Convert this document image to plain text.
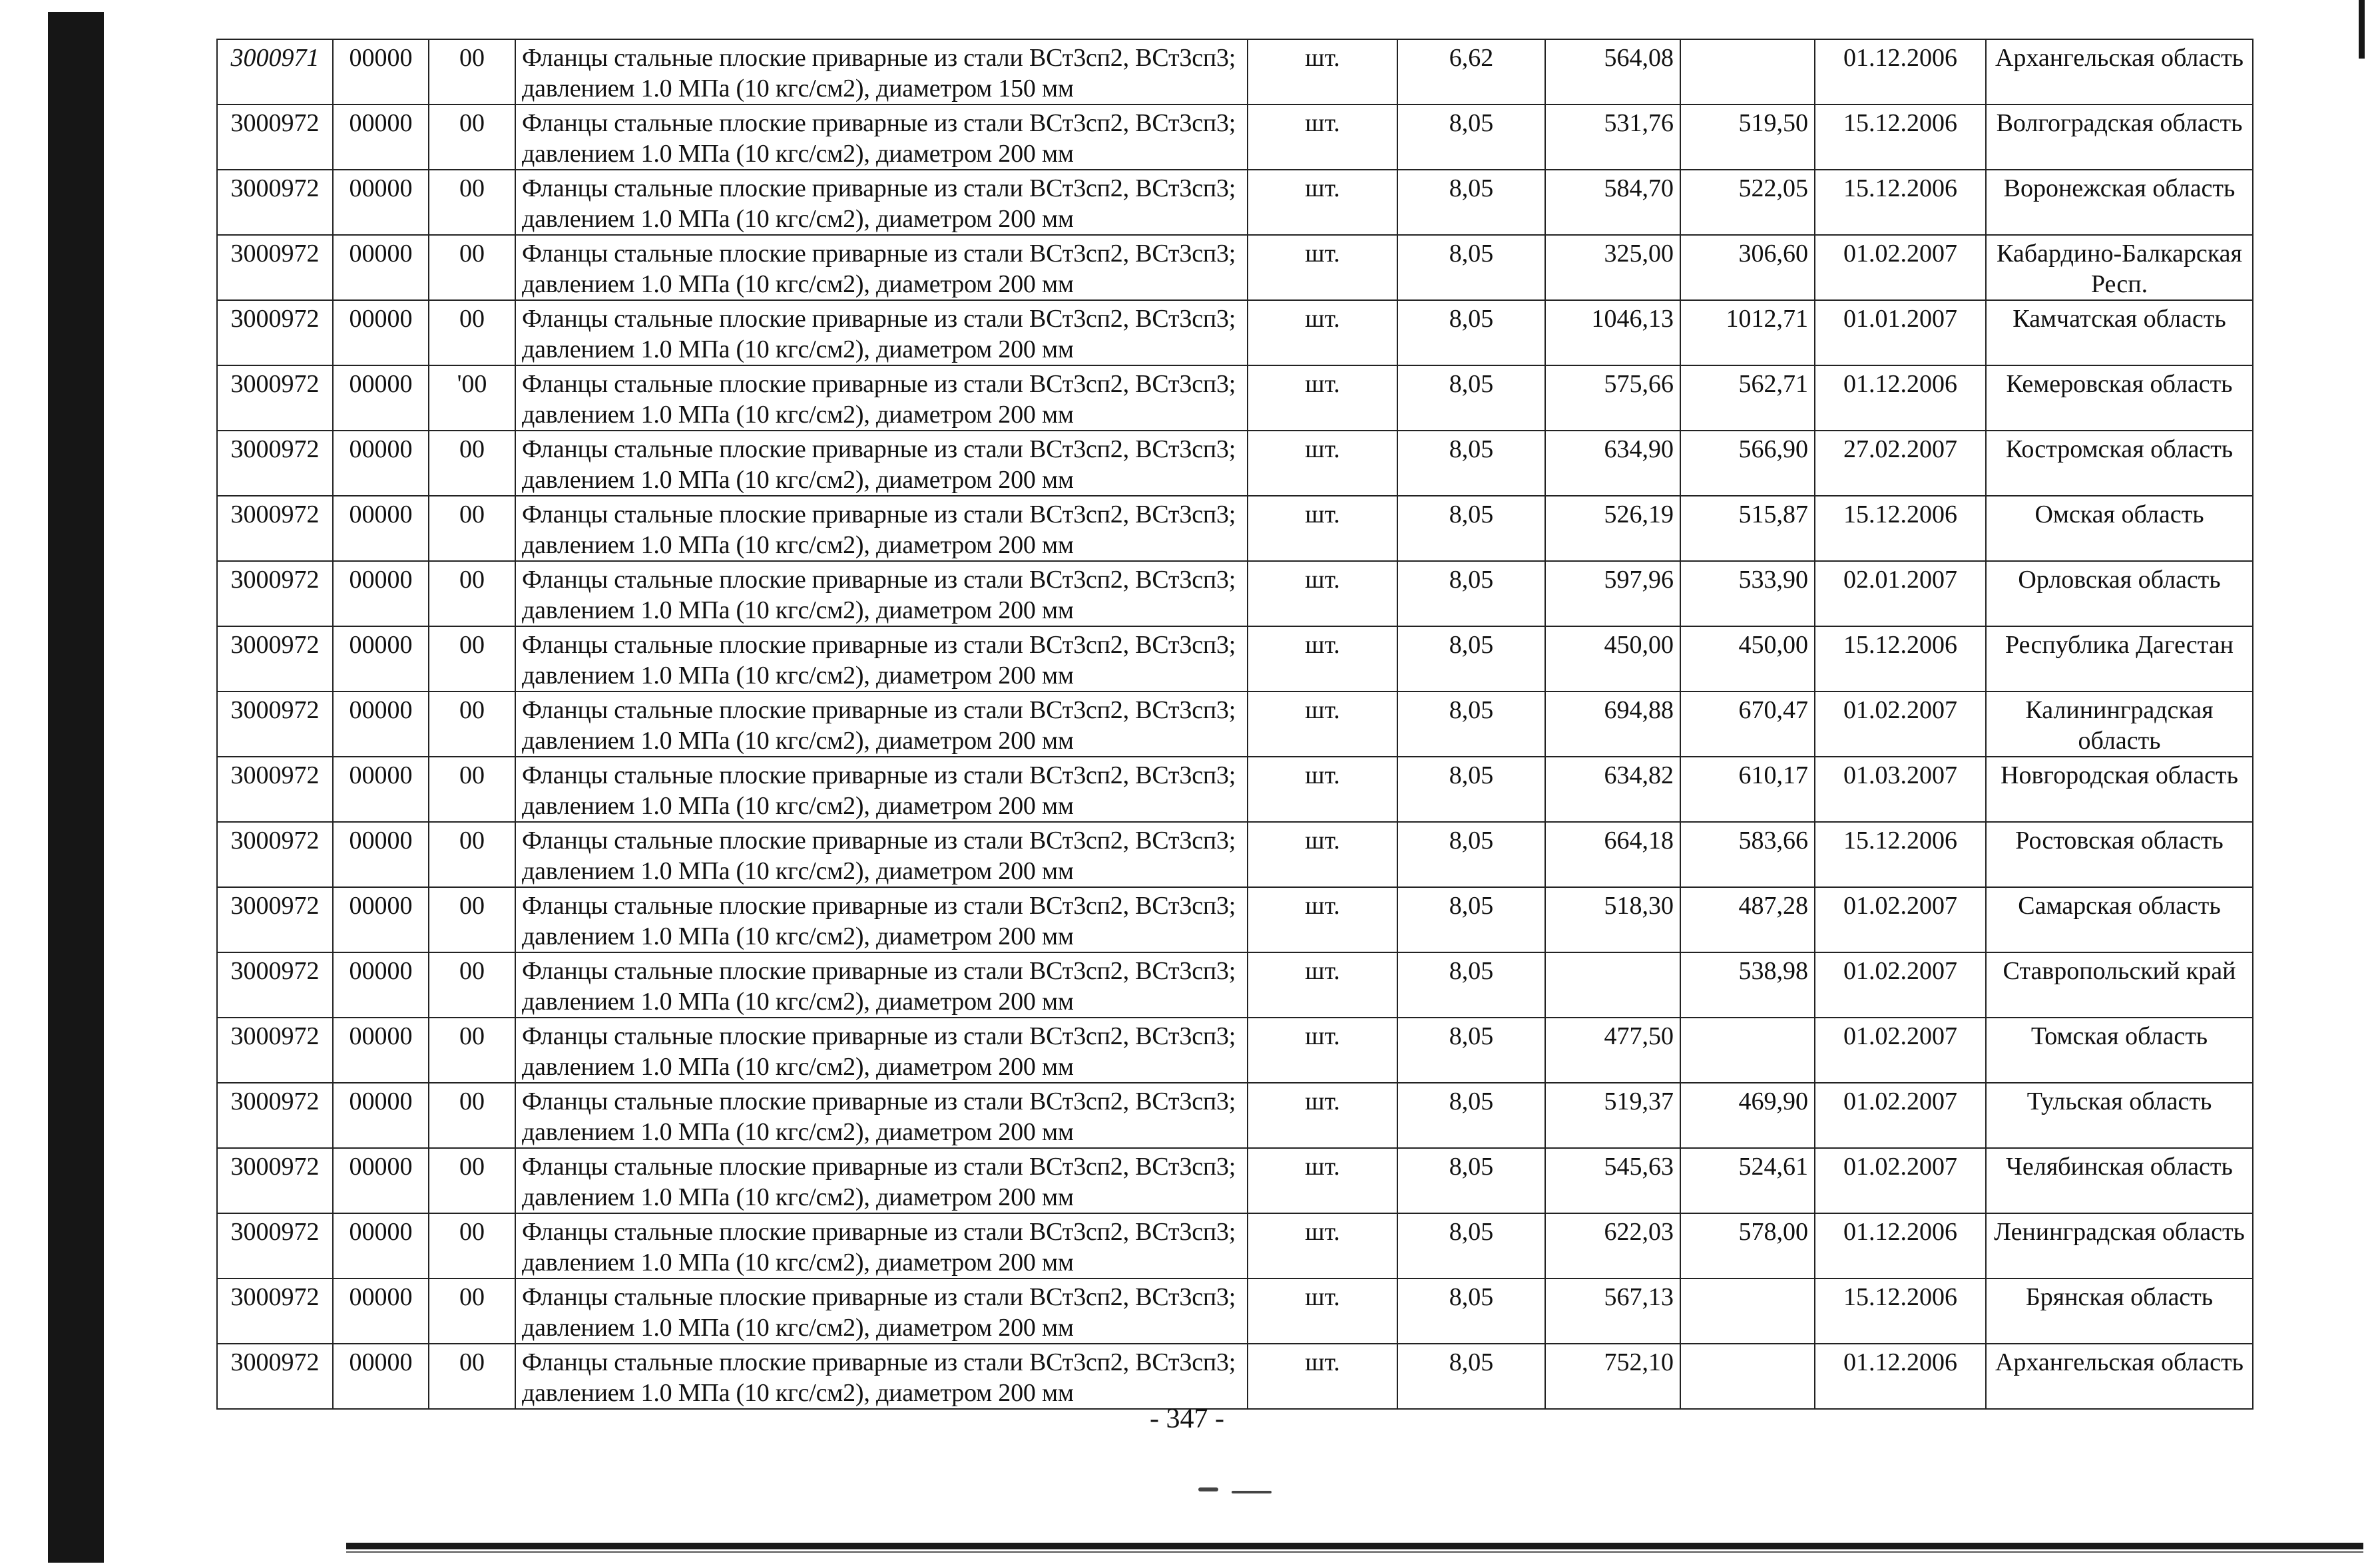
3000971	00000	00	Фланцы стальные плоские приварные из стали ВСт3сп2, ВСт3сп3; давлением 1.0 МПа (10 кгс/см2), диаметром 150 мм	шт.	6,62	564,08		01.12.2006	Архангельская область
3000972	00000	00	Фланцы стальные плоские приварные из стали ВСт3сп2, ВСт3сп3; давлением 1.0 МПа (10 кгс/см2), диаметром 200 мм	шт.	8,05	531,76	519,50	15.12.2006	Волгоградская область
3000972	00000	00	Фланцы стальные плоские приварные из стали ВСт3сп2, ВСт3сп3; давлением 1.0 МПа (10 кгс/см2), диаметром 200 мм	шт.	8,05	584,70	522,05	15.12.2006	Воронежская область
3000972	00000	00	Фланцы стальные плоские приварные из стали ВСт3сп2, ВСт3сп3; давлением 1.0 МПа (10 кгс/см2), диаметром 200 мм	шт.	8,05	325,00	306,60	01.02.2007	Кабардино-Балкарская Респ.
3000972	00000	00	Фланцы стальные плоские приварные из стали ВСт3сп2, ВСт3сп3; давлением 1.0 МПа (10 кгс/см2), диаметром 200 мм	шт.	8,05	1046,13	1012,71	01.01.2007	Камчатская область
3000972	00000	'00	Фланцы стальные плоские приварные из стали ВСт3сп2, ВСт3сп3; давлением 1.0 МПа (10 кгс/см2), диаметром 200 мм	шт.	8,05	575,66	562,71	01.12.2006	Кемеровская область
3000972	00000	00	Фланцы стальные плоские приварные из стали ВСт3сп2, ВСт3сп3; давлением 1.0 МПа (10 кгс/см2), диаметром 200 мм	шт.	8,05	634,90	566,90	27.02.2007	Костромская область
3000972	00000	00	Фланцы стальные плоские приварные из стали ВСт3сп2, ВСт3сп3; давлением 1.0 МПа (10 кгс/см2), диаметром 200 мм	шт.	8,05	526,19	515,87	15.12.2006	Омская область
3000972	00000	00	Фланцы стальные плоские приварные из стали ВСт3сп2, ВСт3сп3; давлением 1.0 МПа (10 кгс/см2), диаметром 200 мм	шт.	8,05	597,96	533,90	02.01.2007	Орловская область
3000972	00000	00	Фланцы стальные плоские приварные из стали ВСт3сп2, ВСт3сп3; давлением 1.0 МПа (10 кгс/см2), диаметром 200 мм	шт.	8,05	450,00	450,00	15.12.2006	Республика Дагестан
3000972	00000	00	Фланцы стальные плоские приварные из стали ВСт3сп2, ВСт3сп3; давлением 1.0 МПа (10 кгс/см2), диаметром 200 мм	шт.	8,05	694,88	670,47	01.02.2007	Калининградская область
3000972	00000	00	Фланцы стальные плоские приварные из стали ВСт3сп2, ВСт3сп3; давлением 1.0 МПа (10 кгс/см2), диаметром 200 мм	шт.	8,05	634,82	610,17	01.03.2007	Новгородская область
3000972	00000	00	Фланцы стальные плоские приварные из стали ВСт3сп2, ВСт3сп3; давлением 1.0 МПа (10 кгс/см2), диаметром 200 мм	шт.	8,05	664,18	583,66	15.12.2006	Ростовская область
3000972	00000	00	Фланцы стальные плоские приварные из стали ВСт3сп2, ВСт3сп3; давлением 1.0 МПа (10 кгс/см2), диаметром 200 мм	шт.	8,05	518,30	487,28	01.02.2007	Самарская область
3000972	00000	00	Фланцы стальные плоские приварные из стали ВСт3сп2, ВСт3сп3; давлением 1.0 МПа (10 кгс/см2), диаметром 200 мм	шт.	8,05		538,98	01.02.2007	Ставропольский край
3000972	00000	00	Фланцы стальные плоские приварные из стали ВСт3сп2, ВСт3сп3; давлением 1.0 МПа (10 кгс/см2), диаметром 200 мм	шт.	8,05	477,50		01.02.2007	Томская область
3000972	00000	00	Фланцы стальные плоские приварные из стали ВСт3сп2, ВСт3сп3; давлением 1.0 МПа (10 кгс/см2), диаметром 200 мм	шт.	8,05	519,37	469,90	01.02.2007	Тульская область
3000972	00000	00	Фланцы стальные плоские приварные из стали ВСт3сп2, ВСт3сп3; давлением 1.0 МПа (10 кгс/см2), диаметром 200 мм	шт.	8,05	545,63	524,61	01.02.2007	Челябинская область
3000972	00000	00	Фланцы стальные плоские приварные из стали ВСт3сп2, ВСт3сп3; давлением 1.0 МПа (10 кгс/см2), диаметром 200 мм	шт.	8,05	622,03	578,00	01.12.2006	Ленинградская область
3000972	00000	00	Фланцы стальные плоские приварные из стали ВСт3сп2, ВСт3сп3; давлением 1.0 МПа (10 кгс/см2), диаметром 200 мм	шт.	8,05	567,13		15.12.2006	Брянская область
3000972	00000	00	Фланцы стальные плоские приварные из стали ВСт3сп2, ВСт3сп3; давлением 1.0 МПа (10 кгс/см2), диаметром 200 мм	шт.	8,05	752,10		01.12.2006	Архангельская область
- 347 -
